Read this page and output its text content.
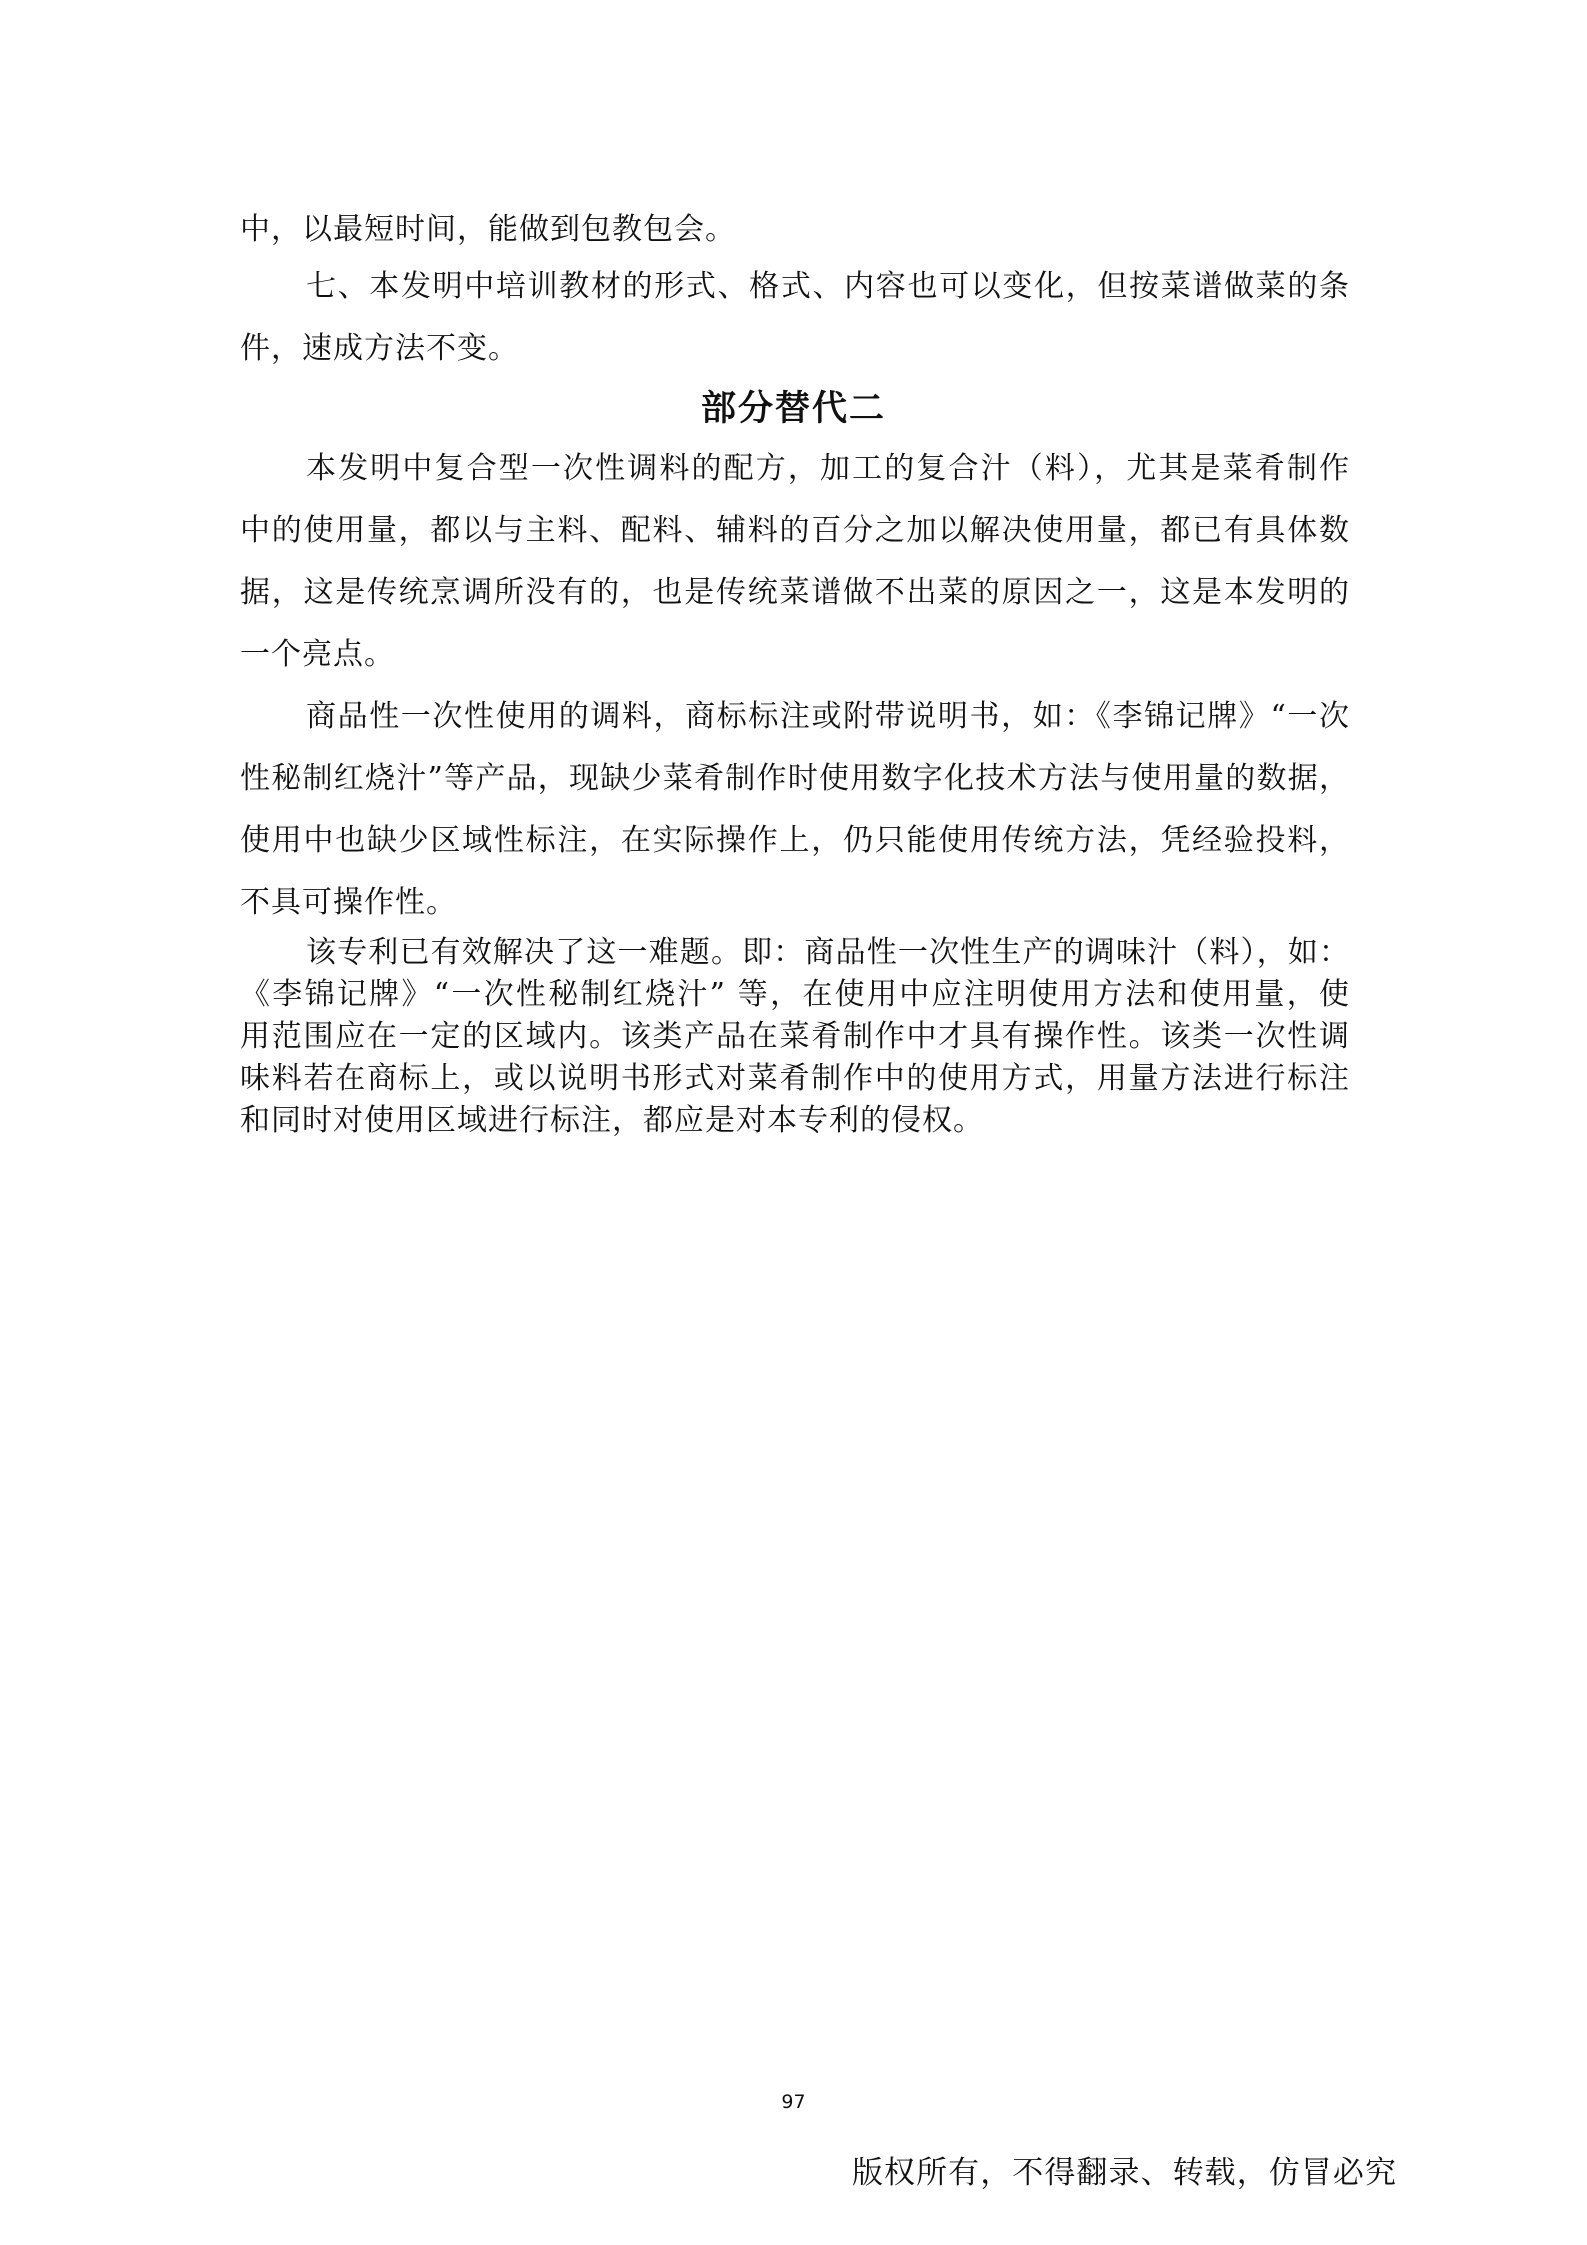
中，以最短时间，能做到包教包会。
七、本发明中培训教材的形式、格式、内容也可以变化，但按菜谱做菜的条
件，速成方法不变。
部分替代二
本发明中复合型一次性调料的配方，加工的复合汁（料），尤其是菜肴制作
中的使用量，都以与主料、配料、辅料的百分之加以解决使用量，都已有具体数
据，这是传统烹调所没有的，也是传统菜谱做不出菜的原因之一，这是本发明的
一个亮点。
商品性一次性使用的调料，商标标注或附带说明书，如：《李锦记牌》“一次
性秘制红烧汁”等产品，现缺少菜肴制作时使用数字化技术方法与使用量的数据，
使用中也缺少区域性标注，在实际操作上，仍只能使用传统方法，凭经验投料，
不具可操作性。
该专利已有效解决了这一难题。即：商品性一次性生产的调味汁（料），如：
《李锦记牌》“一次性秘制红烧汁” 等，在使用中应注明使用方法和使用量，使
用范围应在一定的区域内。该类产品在菜肴制作中才具有操作性。该类一次性调
味料若在商标上，或以说明书形式对菜肴制作中的使用方式，用量方法进行标注
和同时对使用区域进行标注，都应是对本专利的侵权。
97
版权所有，不得翻录、转载，仿冒必究
